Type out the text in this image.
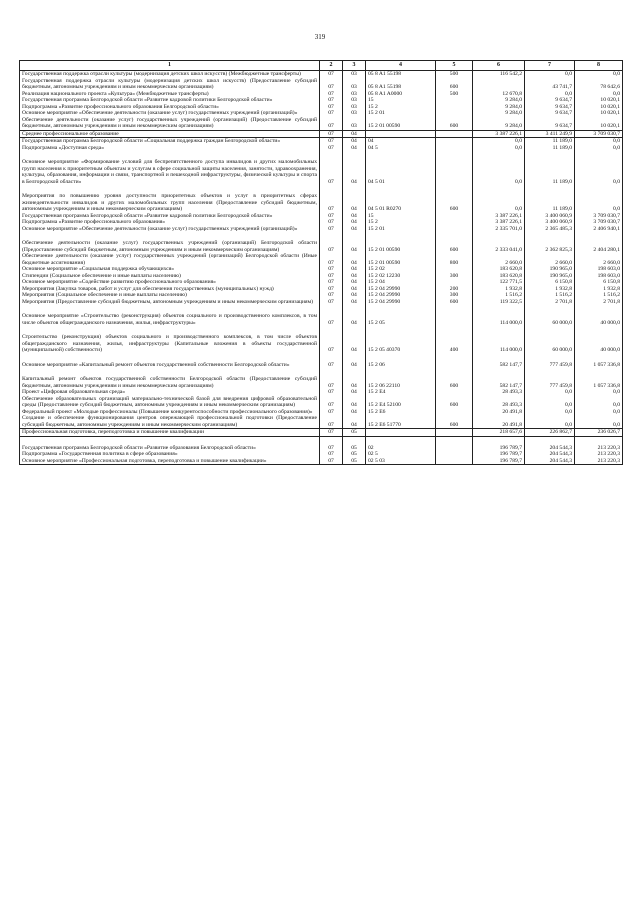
319
1	2	3	4	5	6	7	8
Государственная поддержка отрасли культуры (модернизация детских школ искусств) (Межбюджетные трансферты)	07	03	05 8 A1 55198	500	116 542,2	0,0	0,0
Государственная поддержка отрасли культуры (модернизация детских школ искусств) (Предоставление субсидий бюджетным, автономным учреждениям и иным некоммерческим организациям)	07	03	05 8 A1 55198	600		43 741,7	78 642,6
Реализация национального проекта «Культура» (Межбюджетные трансферты)	07	03	05 8 A1 A0000	500	12 670,8	0,0	0,0
Государственная программа Белгородской области «Развитие кадровой политики Белгородской области»	07	03	15		9 284,0	9 634,7	10 020,1
Подпрограмма «Развитие профессионального образования Белгородской области»	07	03	15 2		9 284,0	9 634,7	10 020,1
Основное мероприятие «Обеспечение деятельности (оказание услуг) государственных учреждений (организаций)»	07	03	15 2 01		9 284,0	9 634,7	10 020,1
Обеспечение деятельности (оказание услуг) государственных учреждений (организаций) (Предоставление субсидий бюджетным, автономным учреждениям и иным некоммерческим организациям)	07	03	15 2 01 00590	600	9 284,0	9 634,7	10 020,1
Среднее профессиональное образование	07	04			3 387 226,1	3 411 249,9	3 709 030,7
Государственная программа Белгородской области «Социальная поддержка граждан Белгородской области»	07	04	04		0,0	11 189,0	0,0
Подпрограмма «Доступная среда»	07	04	04 5		0,0	11 189,0	0,0

Основное мероприятие «Формирование условий для беспрепятственного доступа инвалидов и других маломобильных групп населения к приоритетным объектам и услугам в сфере социальной защиты населения, занятости, здравоохранения, культуры, образования, информации и связи, транспортной и пешеходной инфраструктуры, физической культуры и спорта в Белгородской области»	07	04	04 5 01		0,0	11 189,0	0,0

Мероприятия по повышению уровня доступности приоритетных объектов и услуг в приоритетных сферах жизнедеятельности инвалидов и других маломобильных групп населения (Предоставление субсидий бюджетным, автономным учреждениям и иным некоммерческим организациям)	07	04	04 5 01 R0270	600	0,0	11 189,0	0,0
Государственная программа Белгородской области «Развитие кадровой политики Белгородской области»	07	04	15		3 387 226,1	3 400 060,9	3 709 030,7
Подпрограмма «Развитие профессионального образования»	07	04	15 2		3 387 226,1	3 400 060,9	3 709 030,7
Основное мероприятие «Обеспечение деятельности (оказание услуг) государственных учреждений (организаций)»	07	04	15 2 01		2 335 701,0	2 365 485,3	2 406 940,1

Обеспечение деятельности (оказание услуг) государственных учреждений (организаций) Белгородской области (Предоставление субсидий бюджетным, автономным учреждениям и иным некоммерческим организациям)	07	04	15 2 01 00590	600	2 333 041,0	2 362 825,3	2 404 280,1
Обеспечение деятельности (оказание услуг) государственных учреждений (организаций) Белгородской области (Иные бюджетные ассигнования)	07	04	15 2 01 00590	800	2 660,0	2 660,0	2 660,0
Основное мероприятие «Социальная поддержка обучающихся»	07	04	15 2 02		183 620,8	190 965,0	198 603,0
Стипендии (Социальное обеспечение и иные выплаты населению)	07	04	15 2 02 12230	300	183 620,8	190 965,0	198 603,0
Основное мероприятие «Содействие развитию профессионального образования»	07	04	15 2 04		122 771,5	6 150,8	6 150,8
Мероприятия (Закупка товаров, работ и услуг для обеспечения государственных (муниципальных) нужд)	07	04	15 2 04 29990	200	1 932,8	1 932,8	1 932,8
Мероприятия (Социальное обеспечение и иные выплаты населению)	07	04	15 2 04 29990	300	1 516,2	1 516,2	1 516,2
Мероприятия (Предоставление субсидий бюджетным, автономным учреждениям и иным некоммерческим организациям)	07	04	15 2 04 29990	600	119 322,5	2 701,8	2 701,8

Основное мероприятие «Строительство (реконструкция) объектов социального и производственного комплексов, в том числе объектов общегражданского назначения, жилья, инфраструктуры»	07	04	15 2 05		114 000,0	60 000,0	40 000,0

Строительство (реконструкция) объектов социального и производственного комплексов, в том числе объектов общегражданского назначения, жилья, инфраструктуры (Капитальные вложения в объекты государственной (муниципальной) собственности)	07	04	15 2 05 40370	400	114 000,0	60 000,0	40 000,0

Основное мероприятие «Капитальный ремонт объектов государственной собственности Белгородской области»	07	04	15 2 06		582 147,7	777 459,8	1 057 336,8

Капитальный ремонт объектов государственной собственности Белгородской области (Предоставление субсидий бюджетным, автономным учреждениям и иным некоммерческим организациям)	07	04	15 2 06 22110	600	582 147,7	777 459,8	1 057 336,8
Проект «Цифровая образовательная среда»	07	04	15 2 E4		28 493,3	0,0	0,0
Обеспечение образовательных организаций материально-технической базой для внедрения цифровой образовательной среды (Предоставление субсидий бюджетным, автономным учреждениям и иным некоммерческим организациям)	07	04	15 2 E4 52100	600	28 493,3	0,0	0,0
Федеральный проект «Молодые профессионалы (Повышение конкурентоспособности профессионального образования)»	07	04	15 2 E6		20 491,8	0,0	0,0
Создание и обеспечение функционирования центров опережающей профессиональной подготовки (Предоставление субсидий бюджетным, автономным учреждениям и иным некоммерческим организациям)	07	04	15 2 E6 51770	600	20 491,8	0,0	0,0
Профессиональная подготовка, переподготовка и повышение квалификации	07	05			218 657,6	226 862,7	236 026,7

Государственная программа Белгородской области «Развитие образования Белгородской области»	07	05	02		196 789,7	204 544,3	213 220,3
Подпрограмма «Государственная политика в сфере образования»	07	05	02 5		196 789,7	204 544,3	213 220,3
Основное мероприятие «Профессиональная подготовка, переподготовка и повышение квалификации»	07	05	02 5 03		196 789,7	204 544,3	213 220,3
